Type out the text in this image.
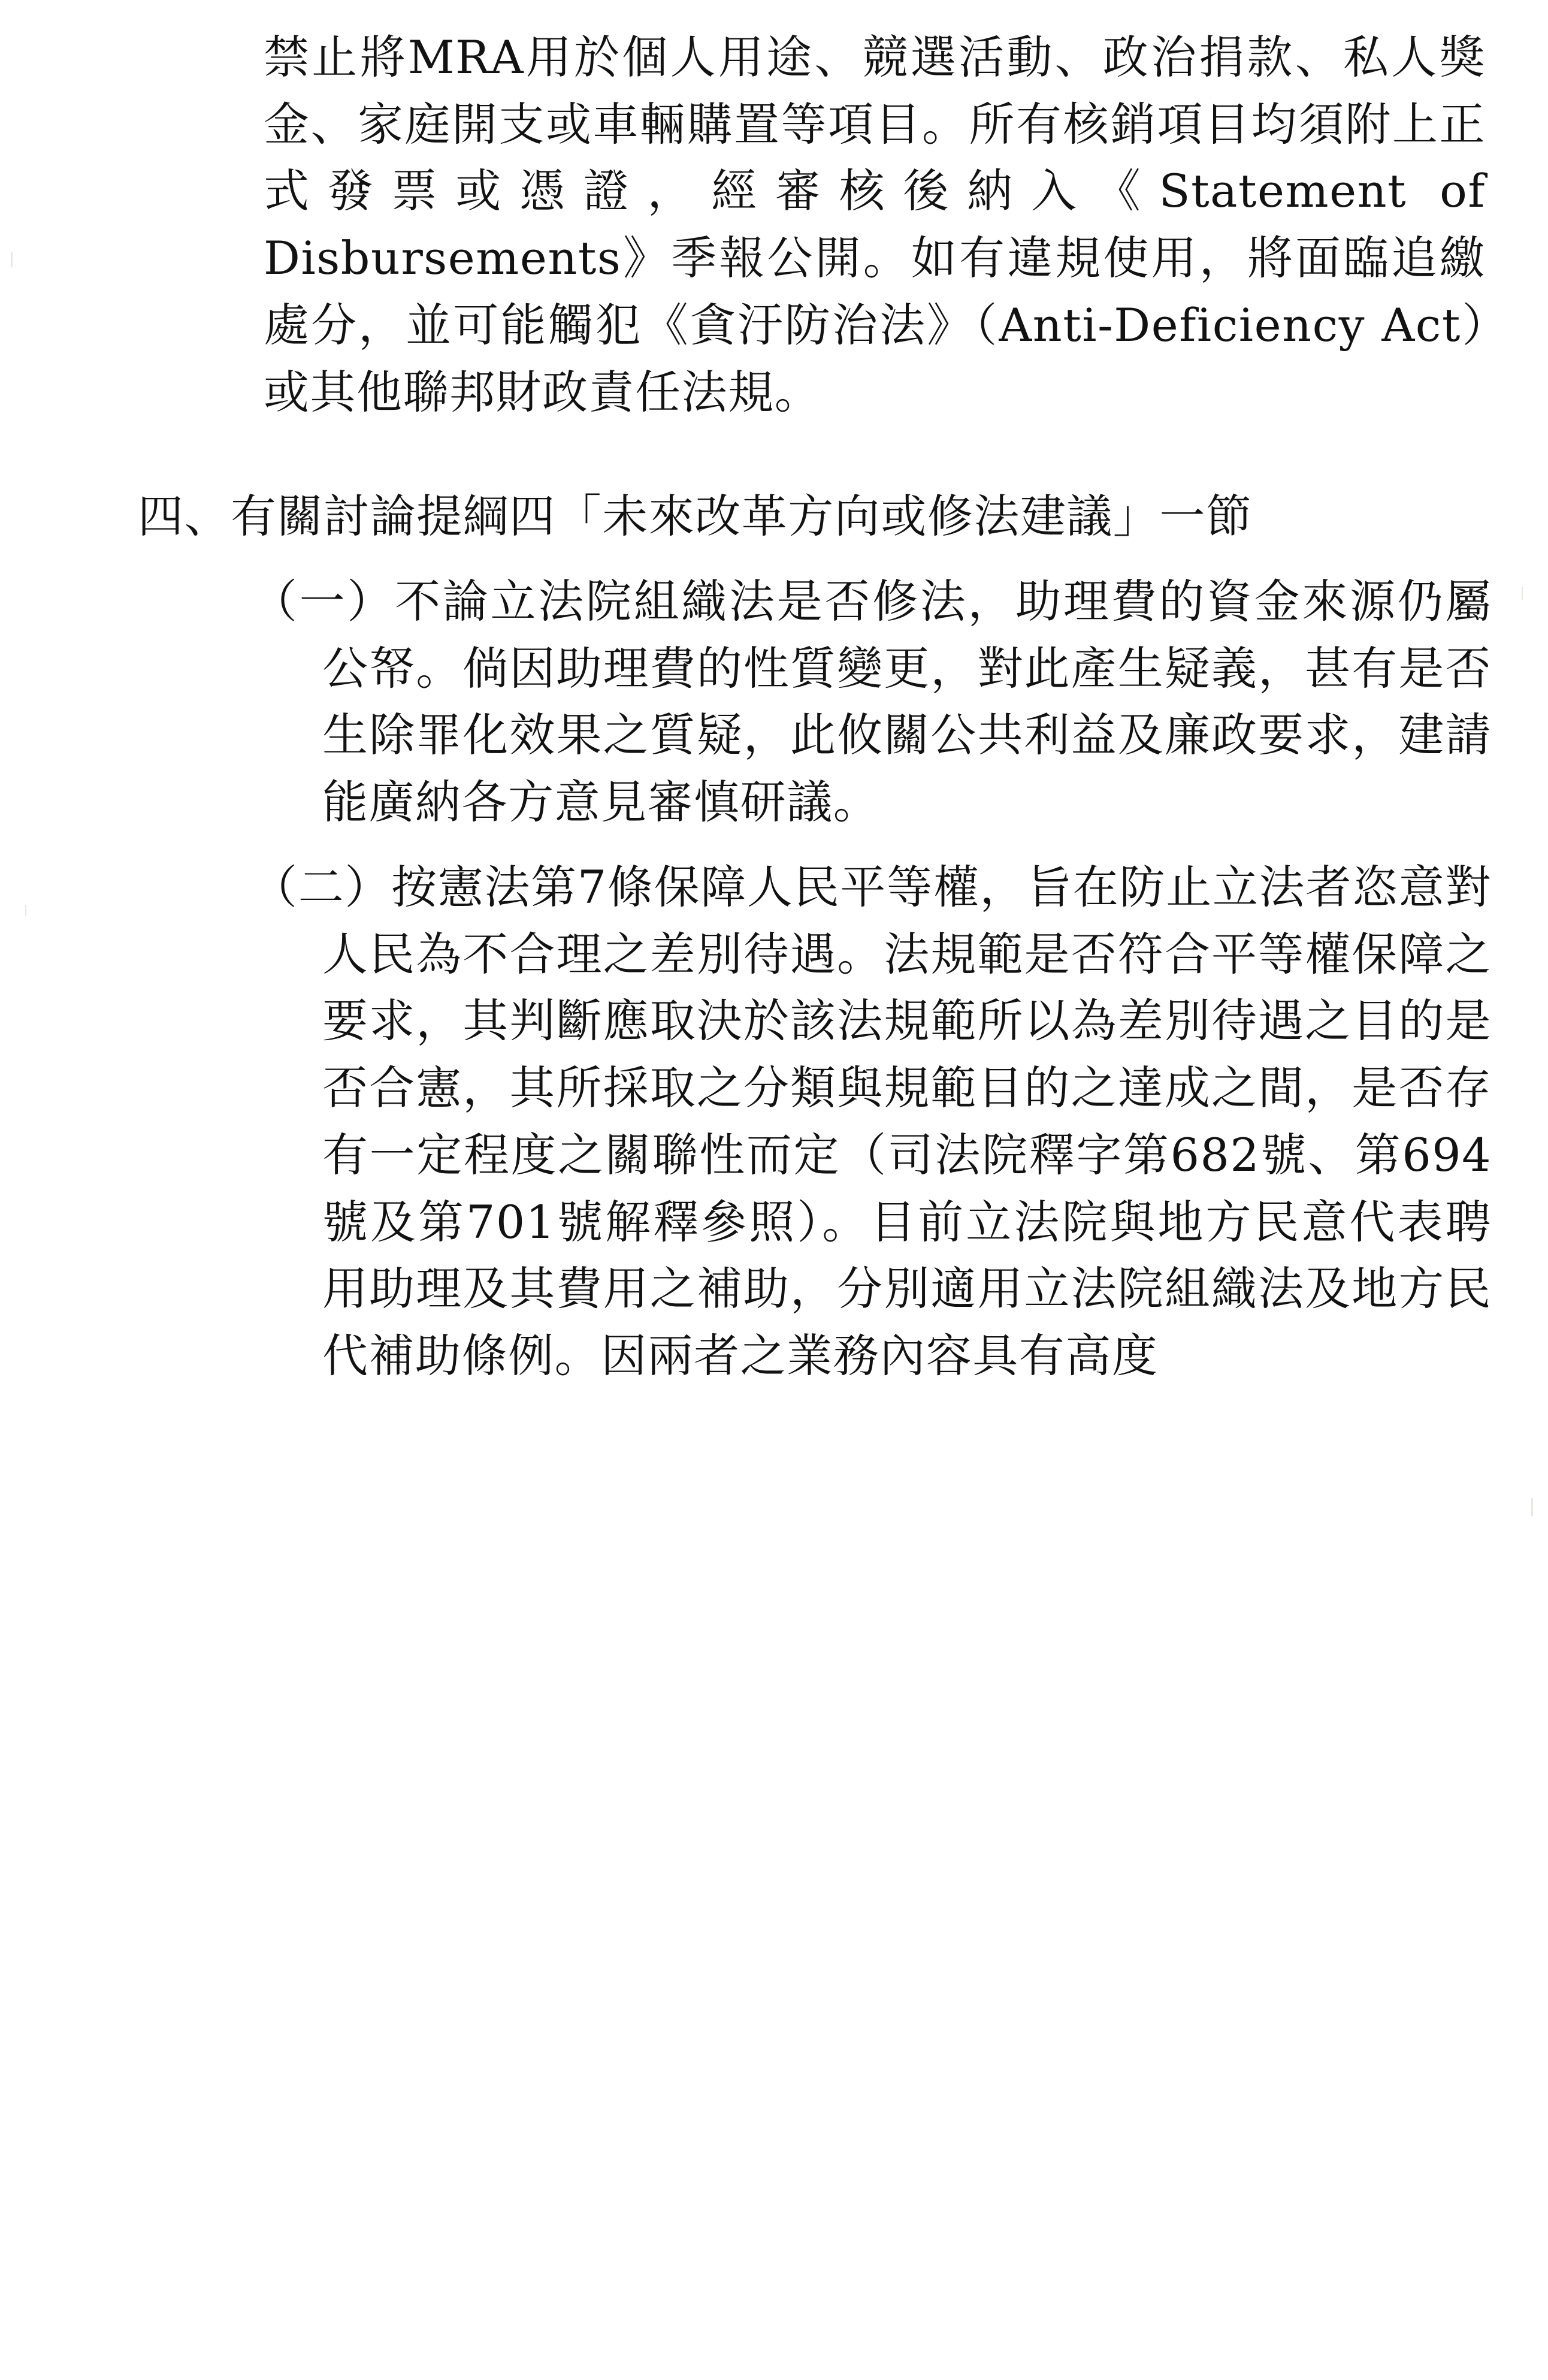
禁止將MRA用於個人用途、競選活動、政治捐款、私人獎金、家庭開支或車輛購置等項目。所有核銷項目均須附上正式發票或憑證，經審核後納入《Statement of Disbursements》季報公開。如有違規使用，將面臨追繳處分，並可能觸犯《貪汙防治法》（Anti-Deficiency Act）或其他聯邦財政責任法規。
四、有關討論提綱四「未來改革方向或修法建議」一節
（一）不論立法院組織法是否修法，助理費的資金來源仍屬公帑。倘因助理費的性質變更，對此產生疑義，甚有是否生除罪化效果之質疑，此攸關公共利益及廉政要求，建請能廣納各方意見審慎研議。
（二）按憲法第7條保障人民平等權，旨在防止立法者恣意對人民為不合理之差別待遇。法規範是否符合平等權保障之要求，其判斷應取決於該法規範所以為差別待遇之目的是否合憲，其所採取之分類與規範目的之達成之間，是否存有一定程度之關聯性而定（司法院釋字第682號、第694號及第701號解釋參照）。目前立法院與地方民意代表聘用助理及其費用之補助，分別適用立法院組織法及地方民代補助條例。因兩者之業務內容具有高度
